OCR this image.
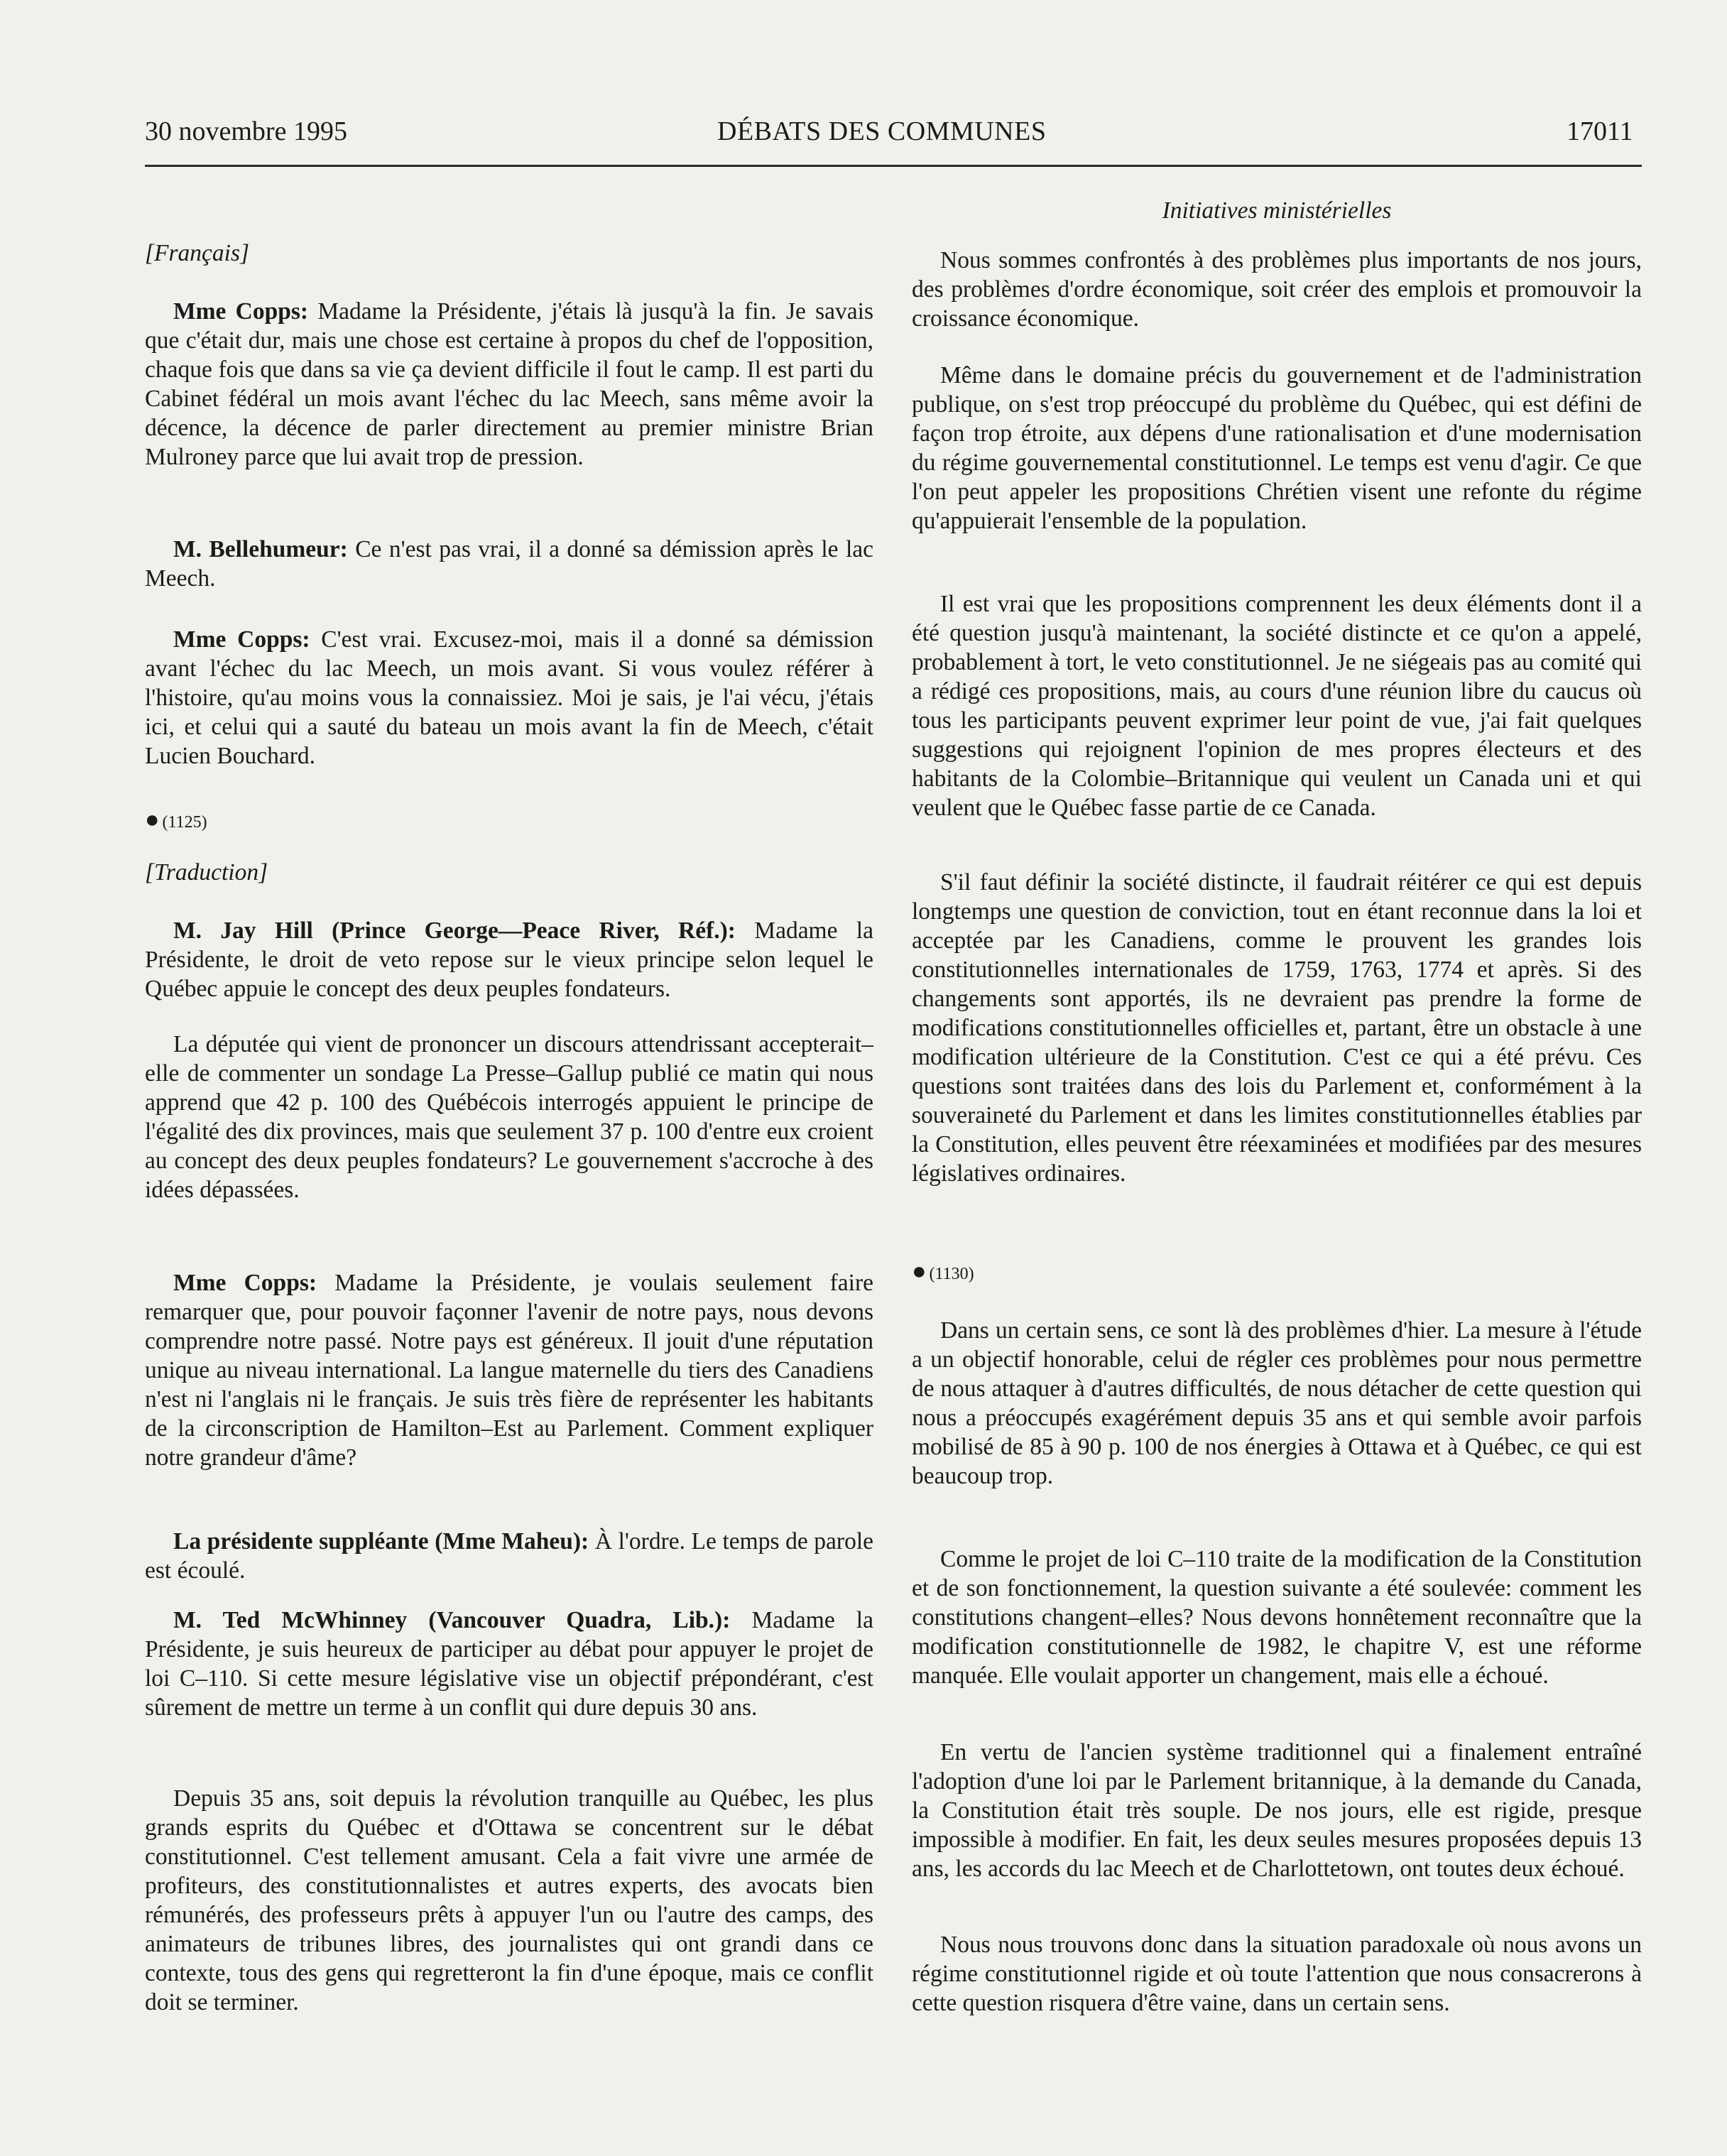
30 novembre 1995	DÉBATS DES COMMUNES	17011
[Français]

Mme Copps: Madame la Présidente, j'étais là jusqu'à la fin. Je savais que c'était dur, mais une chose est certaine à propos du chef de l'opposition, chaque fois que dans sa vie ça devient difficile il fout le camp. Il est parti du Cabinet fédéral un mois avant l'échec du lac Meech, sans même avoir la décence, la décence de parler directement au premier ministre Brian Mulroney parce que lui avait trop de pression.

M. Bellehumeur: Ce n'est pas vrai, il a donné sa démission après le lac Meech.

Mme Copps: C'est vrai. Excusez-moi, mais il a donné sa démission avant l'échec du lac Meech, un mois avant. Si vous voulez référer à l'histoire, qu'au moins vous la connaissiez. Moi je sais, je l'ai vécu, j'étais ici, et celui qui a sauté du bateau un mois avant la fin de Meech, c'était Lucien Bouchard.

● (1125)
[Traduction]

M. Jay Hill (Prince George—Peace River, Réf.): Madame la Présidente, le droit de veto repose sur le vieux principe selon lequel le Québec appuie le concept des deux peuples fondateurs.

La députée qui vient de prononcer un discours attendrissant accepterait–elle de commenter un sondage La Presse–Gallup publié ce matin qui nous apprend que 42 p. 100 des Québécois interrogés appuient le principe de l'égalité des dix provinces, mais que seulement 37 p. 100 d'entre eux croient au concept des deux peuples fondateurs? Le gouvernement s'accroche à des idées dépassées.

Mme Copps: Madame la Présidente, je voulais seulement faire remarquer que, pour pouvoir façonner l'avenir de notre pays, nous devons comprendre notre passé. Notre pays est généreux. Il jouit d'une réputation unique au niveau international. La langue maternelle du tiers des Canadiens n'est ni l'anglais ni le français. Je suis très fière de représenter les habitants de la circonscription de Hamilton–Est au Parlement. Comment expliquer notre grandeur d'âme?

La présidente suppléante (Mme Maheu): À l'ordre. Le temps de parole est écoulé.

M. Ted McWhinney (Vancouver Quadra, Lib.): Madame la Présidente, je suis heureux de participer au débat pour appuyer le projet de loi C–110. Si cette mesure législative vise un objectif prépondérant, c'est sûrement de mettre un terme à un conflit qui dure depuis 30 ans.

Depuis 35 ans, soit depuis la révolution tranquille au Québec, les plus grands esprits du Québec et d'Ottawa se concentrent sur le débat constitutionnel. C'est tellement amusant. Cela a fait vivre une armée de profiteurs, des constitutionnalistes et autres experts, des avocats bien rémunérés, des professeurs prêts à appuyer l'un ou l'autre des camps, des animateurs de tribunes libres, des journalistes qui ont grandi dans ce contexte, tous des gens qui regretteront la fin d'une époque, mais ce conflit doit se terminer.

Initiatives ministérielles

Nous sommes confrontés à des problèmes plus importants de nos jours, des problèmes d'ordre économique, soit créer des emplois et promouvoir la croissance économique.

Même dans le domaine précis du gouvernement et de l'administration publique, on s'est trop préoccupé du problème du Québec, qui est défini de façon trop étroite, aux dépens d'une rationalisation et d'une modernisation du régime gouvernemental constitutionnel. Le temps est venu d'agir. Ce que l'on peut appeler les propositions Chrétien visent une refonte du régime qu'appuierait l'ensemble de la population.

Il est vrai que les propositions comprennent les deux éléments dont il a été question jusqu'à maintenant, la société distincte et ce qu'on a appelé, probablement à tort, le veto constitutionnel. Je ne siégeais pas au comité qui a rédigé ces propositions, mais, au cours d'une réunion libre du caucus où tous les participants peuvent exprimer leur point de vue, j'ai fait quelques suggestions qui rejoignent l'opinion de mes propres électeurs et des habitants de la Colombie–Britannique qui veulent un Canada uni et qui veulent que le Québec fasse partie de ce Canada.

S'il faut définir la société distincte, il faudrait réitérer ce qui est depuis longtemps une question de conviction, tout en étant reconnue dans la loi et acceptée par les Canadiens, comme le prouvent les grandes lois constitutionnelles internationales de 1759, 1763, 1774 et après. Si des changements sont apportés, ils ne devraient pas prendre la forme de modifications constitutionnelles officielles et, partant, être un obstacle à une modification ultérieure de la Constitution. C'est ce qui a été prévu. Ces questions sont traitées dans des lois du Parlement et, conformément à la souveraineté du Parlement et dans les limites constitutionnelles établies par la Constitution, elles peuvent être réexaminées et modifiées par des mesures législatives ordinaires.

● (1130)

Dans un certain sens, ce sont là des problèmes d'hier. La mesure à l'étude a un objectif honorable, celui de régler ces problèmes pour nous permettre de nous attaquer à d'autres difficultés, de nous détacher de cette question qui nous a préoccupés exagérément depuis 35 ans et qui semble avoir parfois mobilisé de 85 à 90 p. 100 de nos énergies à Ottawa et à Québec, ce qui est beaucoup trop.

Comme le projet de loi C–110 traite de la modification de la Constitution et de son fonctionnement, la question suivante a été soulevée: comment les constitutions changent–elles? Nous devons honnêtement reconnaître que la modification constitutionnelle de 1982, le chapitre V, est une réforme manquée. Elle voulait apporter un changement, mais elle a échoué.

En vertu de l'ancien système traditionnel qui a finalement entraîné l'adoption d'une loi par le Parlement britannique, à la demande du Canada, la Constitution était très souple. De nos jours, elle est rigide, presque impossible à modifier. En fait, les deux seules mesures proposées depuis 13 ans, les accords du lac Meech et de Charlottetown, ont toutes deux échoué.

Nous nous trouvons donc dans la situation paradoxale où nous avons un régime constitutionnel rigide et où toute l'attention que nous consacrerons à cette question risquera d'être vaine, dans un certain sens.
